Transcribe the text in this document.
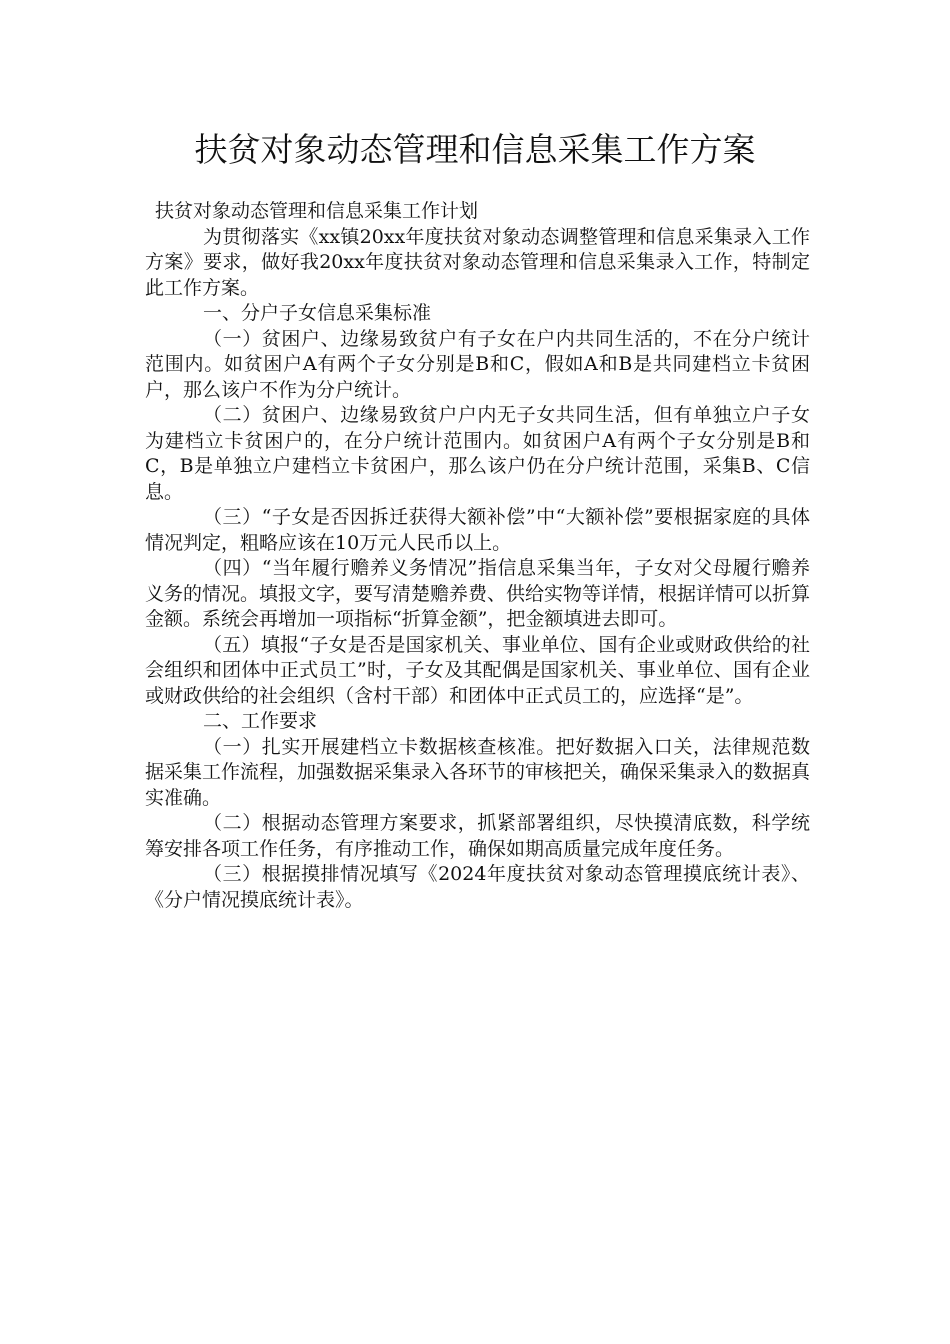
扶贫对象动态管理和信息采集工作方案

扶贫对象动态管理和信息采集工作计划

为贯彻落实《xx镇20xx年度扶贫对象动态调整管理和信息采集录入工作方案》要求，做好我20xx年度扶贫对象动态管理和信息采集录入工作，特制定此工作方案。

一、分户子女信息采集标准

（一）贫困户、边缘易致贫户有子女在户内共同生活的，不在分户统计范围内。如贫困户A有两个子女分别是B和C，假如A和B是共同建档立卡贫困户，那么该户不作为分户统计。

（二）贫困户、边缘易致贫户户内无子女共同生活，但有单独立户子女为建档立卡贫困户的，在分户统计范围内。如贫困户A有两个子女分别是B和C，B是单独立户建档立卡贫困户，那么该户仍在分户统计范围，采集B、C信息。

（三）“子女是否因拆迁获得大额补偿”中“大额补偿”要根据家庭的具体情况判定，粗略应该在10万元人民币以上。

（四）“当年履行赡养义务情况”指信息采集当年，子女对父母履行赡养义务的情况。填报文字，要写清楚赡养费、供给实物等详情，根据详情可以折算金额。系统会再增加一项指标“折算金额”，把金额填进去即可。

（五）填报“子女是否是国家机关、事业单位、国有企业或财政供给的社会组织和团体中正式员工”时，子女及其配偶是国家机关、事业单位、国有企业或财政供给的社会组织（含村干部）和团体中正式员工的，应选择“是”。

二、工作要求

（一）扎实开展建档立卡数据核查核准。把好数据入口关，法律规范数据采集工作流程，加强数据采集录入各环节的审核把关，确保采集录入的数据真实准确。

（二）根据动态管理方案要求，抓紧部署组织，尽快摸清底数，科学统筹安排各项工作任务，有序推动工作，确保如期高质量完成年度任务。

（三）根据摸排情况填写《2024年度扶贫对象动态管理摸底统计表》、《分户情况摸底统计表》。
